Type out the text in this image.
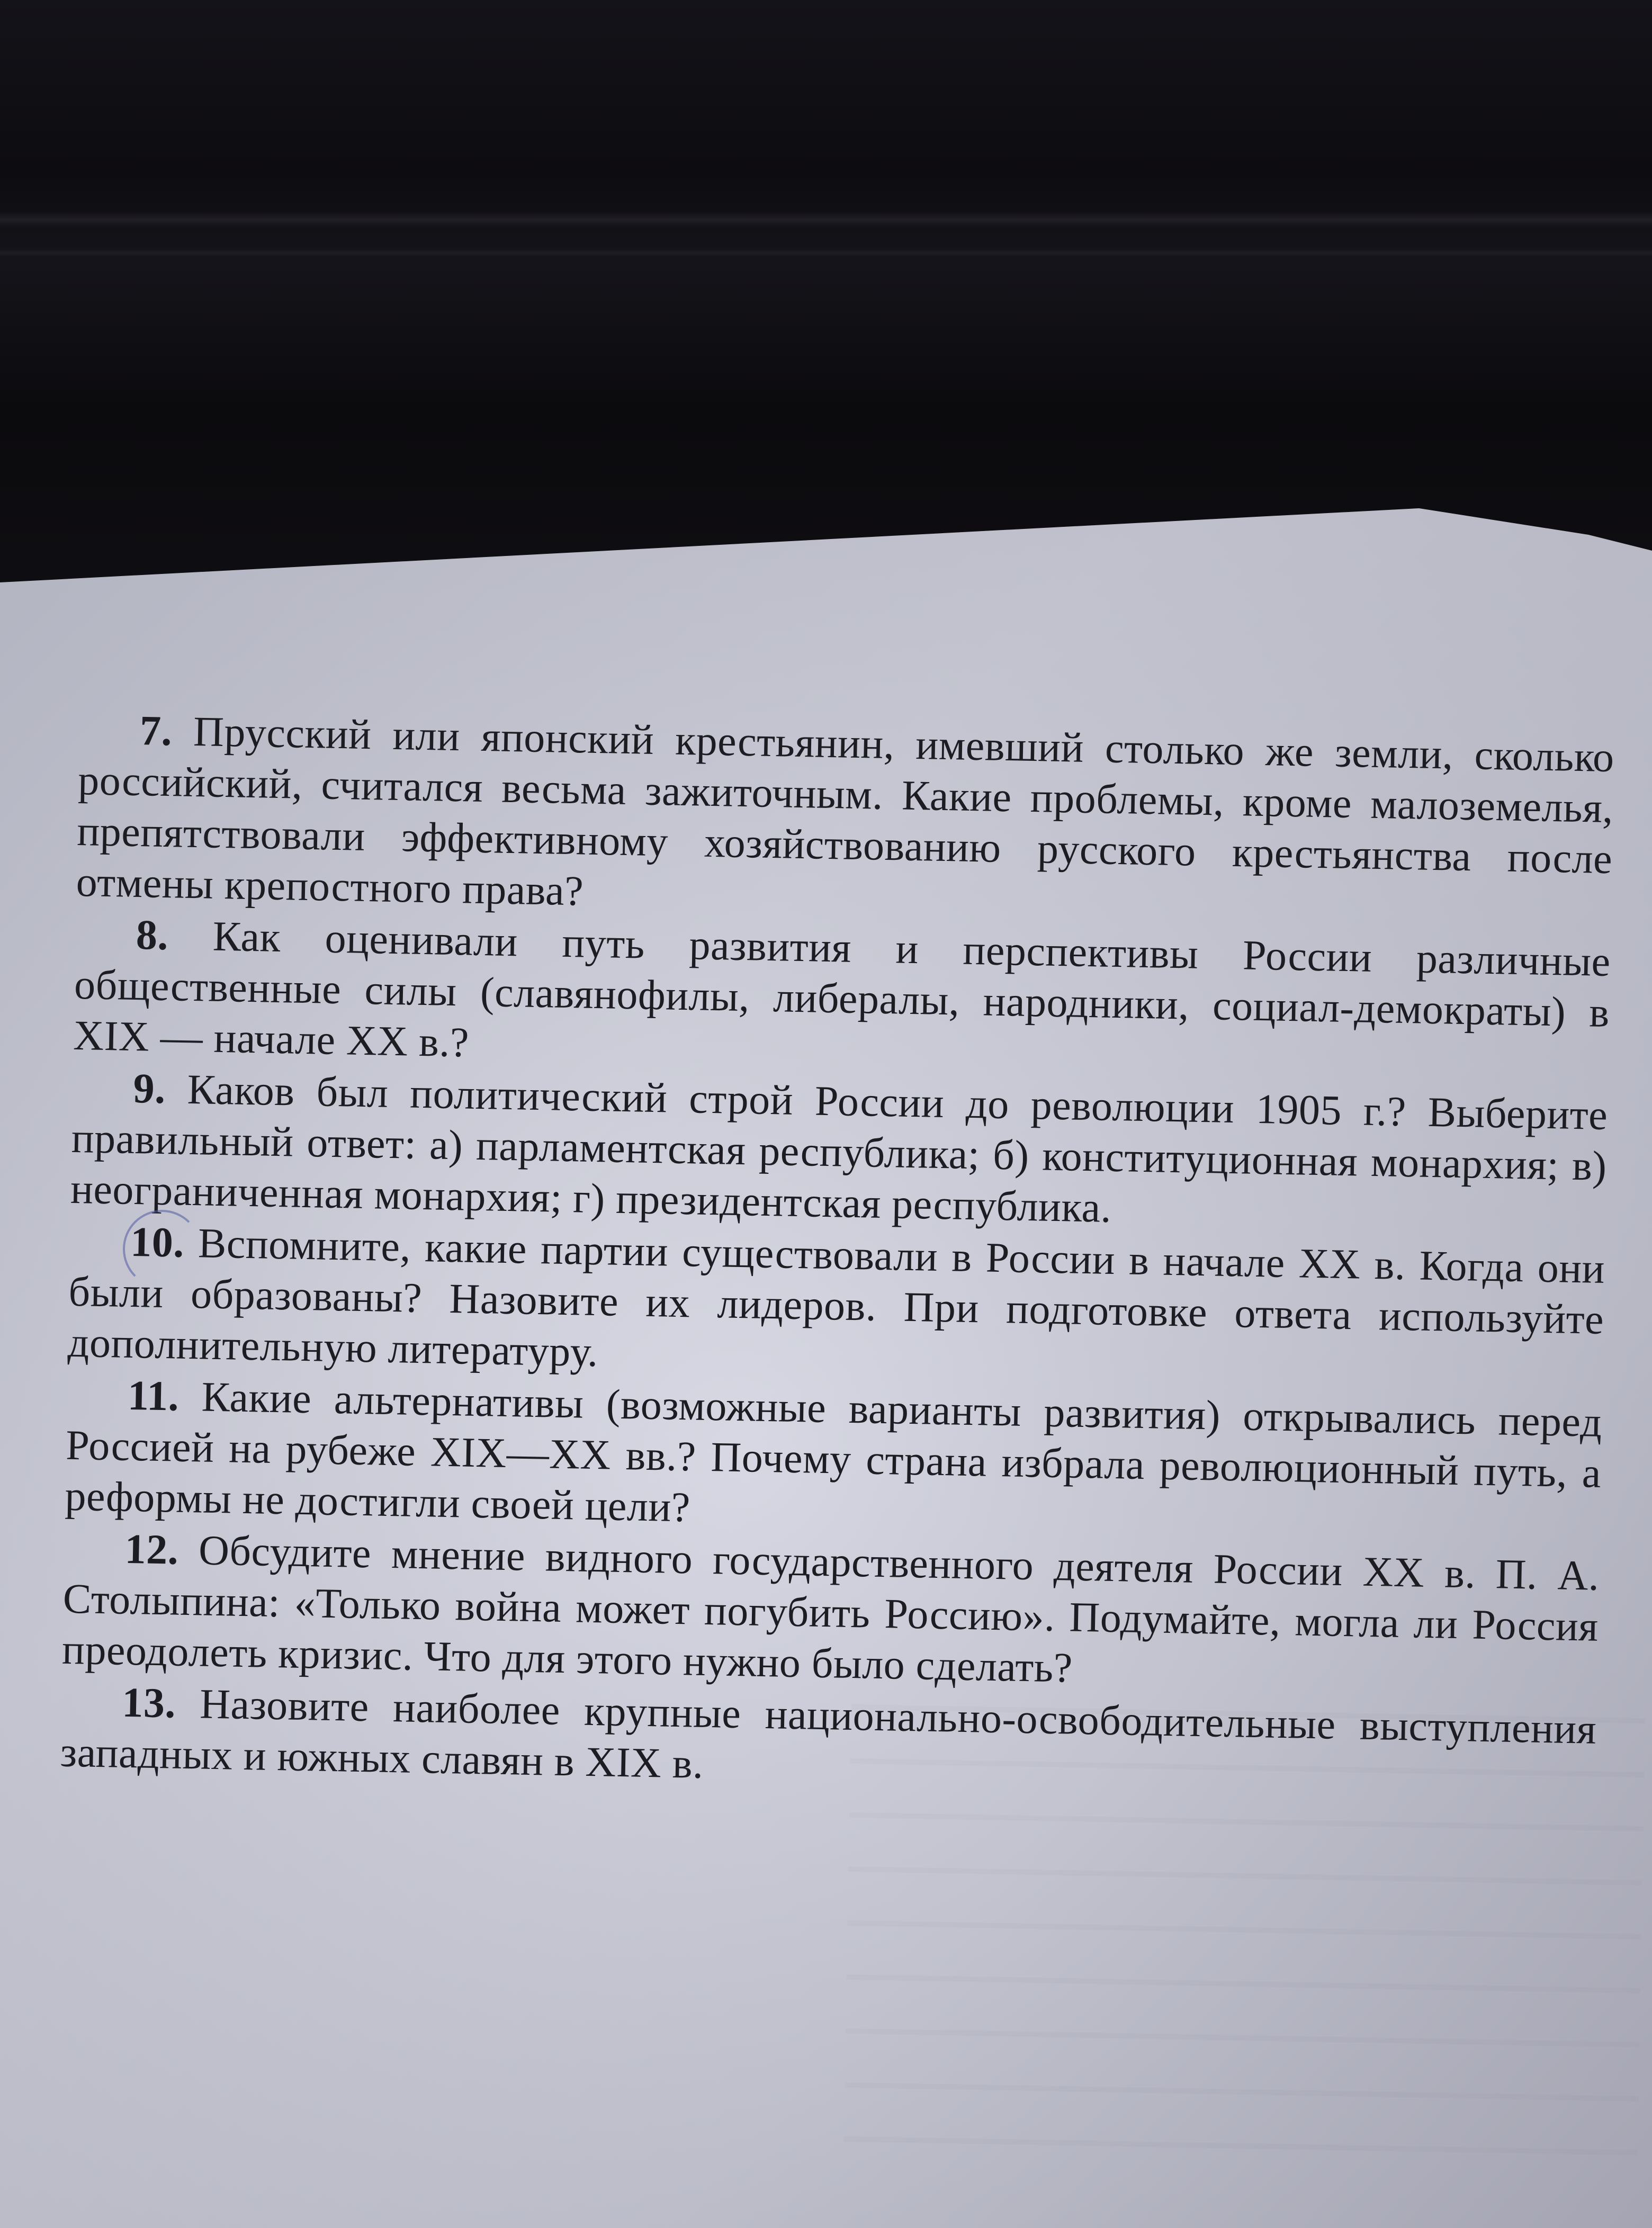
7. Прусский или японский крестьянин, имевший столько же земли, сколько российский, считался весьма зажиточным. Какие проблемы, кроме малоземелья, препятствовали эффективному хозяйствованию русского крестьянства после отмены крепостного права?

8. Как оценивали путь развития и перспективы России различные общественные силы (славянофилы, либералы, народники, социал-демократы) в XIX — начале XX в.?

9. Каков был политический строй России до революции 1905 г.? Выберите правильный ответ: а) парламентская республика; б) конституционная монархия; в) неограниченная монархия; г) президентская республика.

10. Вспомните, какие партии существовали в России в начале XX в. Когда они были образованы? Назовите их лидеров. При подготовке ответа используйте дополнительную литературу.

11. Какие альтернативы (возможные варианты развития) открывались перед Россией на рубеже XIX—XX вв.? Почему страна избрала революционный путь, а реформы не достигли своей цели?

12. Обсудите мнение видного государственного деятеля России XX в. П. А. Столыпина: «Только война может погубить Россию». Подумайте, могла ли Россия преодолеть кризис. Что для этого нужно было сделать?

13. Назовите наиболее крупные национально-освободительные выступления западных и южных славян в XIX в.
